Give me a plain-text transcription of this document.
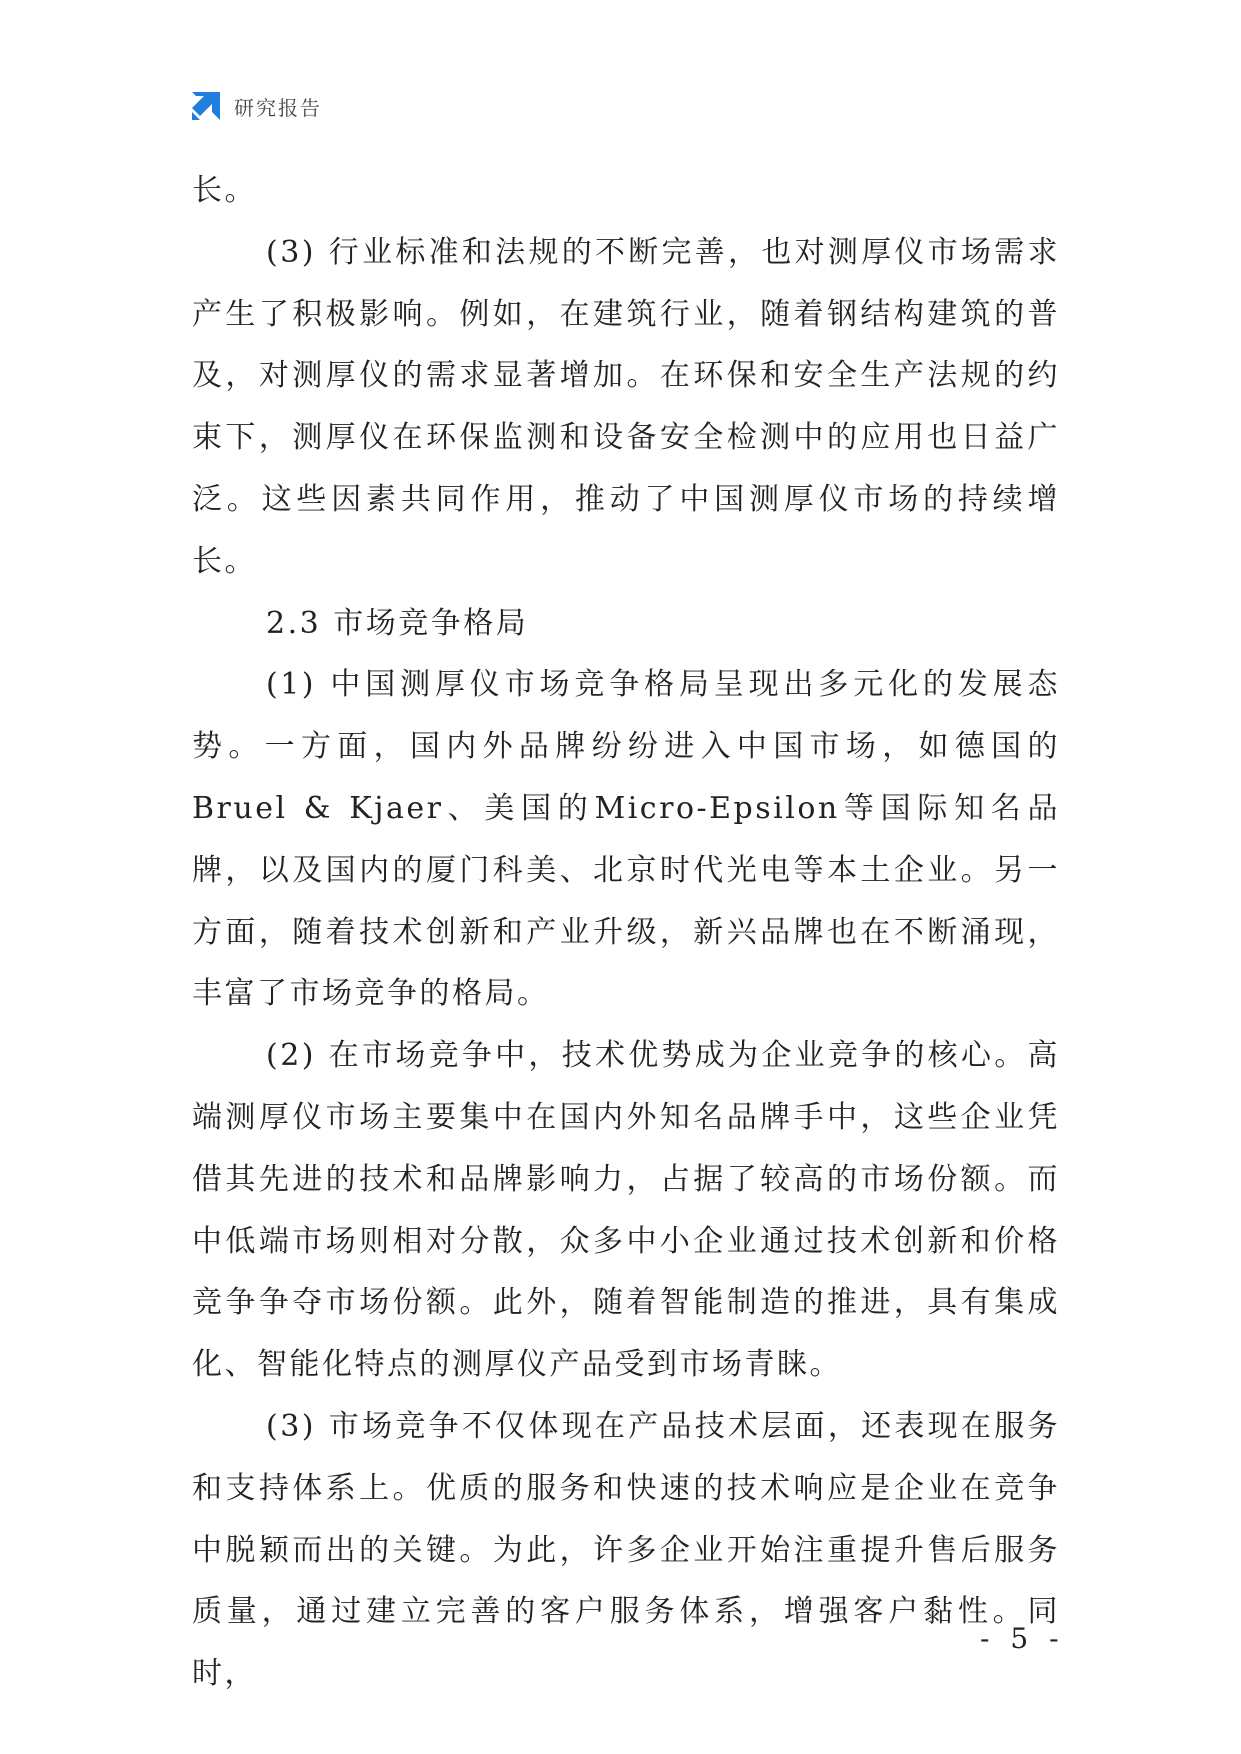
研究报告

长。

(3) 行业标准和法规的不断完善，也对测厚仪市场需求产生了积极影响。例如，在建筑行业，随着钢结构建筑的普及，对测厚仪的需求显著增加。在环保和安全生产法规的约束下，测厚仪在环保监测和设备安全检测中的应用也日益广泛。这些因素共同作用，推动了中国测厚仪市场的持续增长。

2.3 市场竞争格局

(1) 中国测厚仪市场竞争格局呈现出多元化的发展态势。一方面，国内外品牌纷纷进入中国市场，如德国的Bruel & Kjaer、美国的Micro-Epsilon等国际知名品牌，以及国内的厦门科美、北京时代光电等本土企业。另一方面，随着技术创新和产业升级，新兴品牌也在不断涌现，丰富了市场竞争的格局。

(2) 在市场竞争中，技术优势成为企业竞争的核心。高端测厚仪市场主要集中在国内外知名品牌手中，这些企业凭借其先进的技术和品牌影响力，占据了较高的市场份额。而中低端市场则相对分散，众多中小企业通过技术创新和价格竞争争夺市场份额。此外，随着智能制造的推进，具有集成化、智能化特点的测厚仪产品受到市场青睐。

(3) 市场竞争不仅体现在产品技术层面，还表现在服务和支持体系上。优质的服务和快速的技术响应是企业在竞争中脱颖而出的关键。为此，许多企业开始注重提升售后服务质量，通过建立完善的客户服务体系，增强客户黏性。同时，

- 5 -
